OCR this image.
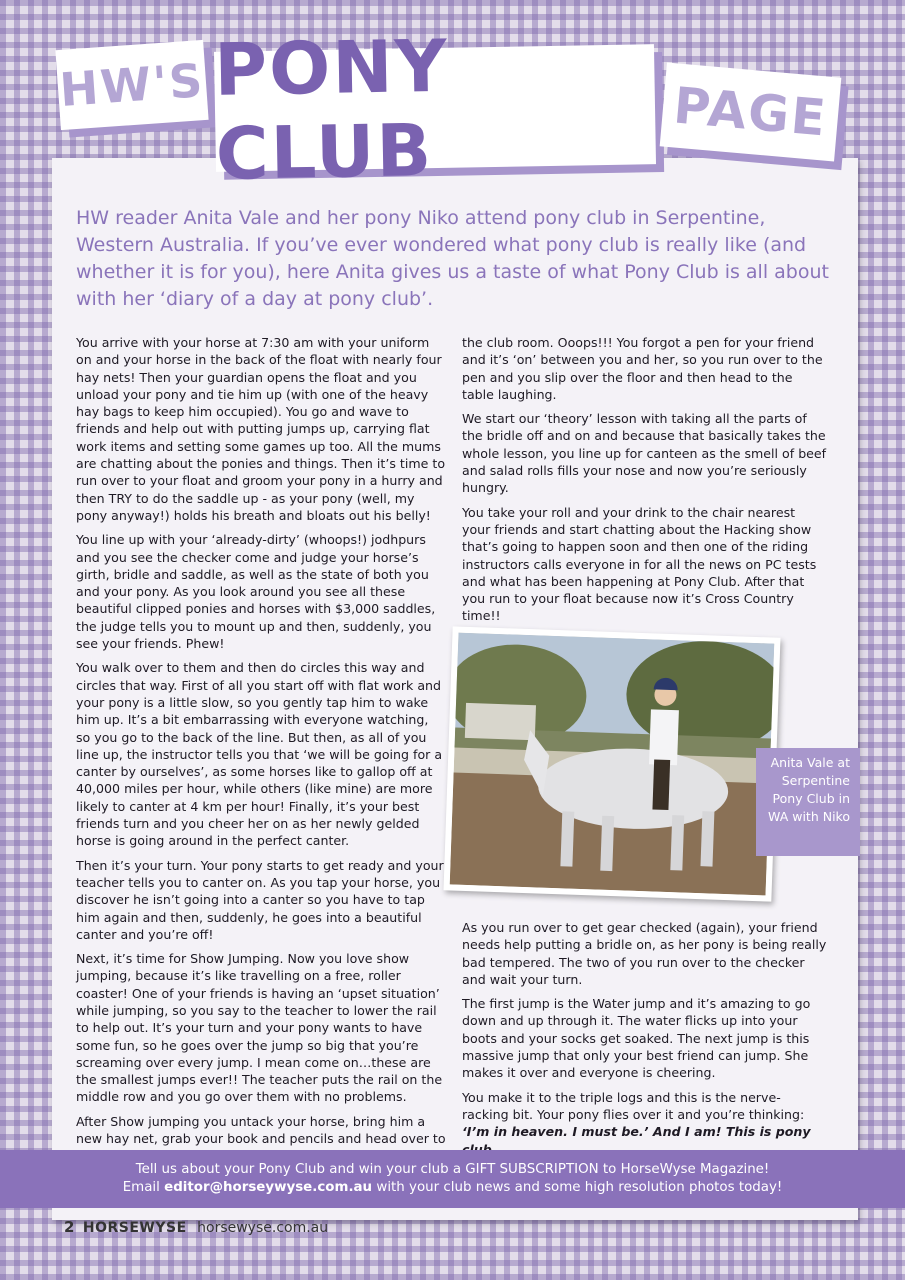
HW'S PONY CLUB	PAGE

HW reader Anita Vale and her pony Niko attend pony club in Serpentine, Western Australia. If you’ve ever wondered what pony club is really like (and whether it is for you), here Anita gives us a taste of what Pony Club is all about with her ‘diary of a day at pony club’.

You arrive with your horse at 7:30 am with your uniform on and your horse in the back of the float with nearly four hay nets! Then your guardian opens the float and you unload your pony and tie him up (with one of the heavy hay bags to keep him occupied). You go and wave to friends and help out with putting jumps up, carrying flat work items and setting some games up too. All the mums are chatting about the ponies and things. Then it’s time to run over to your float and groom your pony in a hurry and then TRY to do the saddle up - as your pony (well, my pony anyway!) holds his breath and bloats out his belly!

You line up with your ‘already-dirty’ (whoops!) jodhpurs and you see the checker come and judge your horse’s girth, bridle and saddle, as well as the state of both you and your pony. As you look around you see all these beautiful clipped ponies and horses with $3,000 saddles, the judge tells you to mount up and then, suddenly, you see your friends. Phew!

You walk over to them and then do circles this way and circles that way. First of all you start off with flat work and your pony is a little slow, so you gently tap him to wake him up. It’s a bit embarrassing with everyone watching, so you go to the back of the line. But then, as all of you line up, the instructor tells you that ‘we will be going for a canter by ourselves’, as some horses like to gallop off at 40,000 miles per hour, while others (like mine) are more likely to canter at 4 km per hour! Finally, it’s your best friends turn and you cheer her on as her newly gelded horse is going around in the perfect canter.

Then it’s your turn. Your pony starts to get ready and your teacher tells you to canter on. As you tap your horse, you discover he isn’t going into a canter so you have to tap him again and then, suddenly, he goes into a beautiful canter and you’re off!

Next, it’s time for Show Jumping. Now you love show jumping, because it’s like travelling on a free, roller coaster! One of your friends is having an ‘upset situation’ while jumping, so you say to the teacher to lower the rail to help out. It’s your turn and your pony wants to have some fun, so he goes over the jump so big that you’re screaming over every jump. I mean come on…these are the smallest jumps ever!! The teacher puts the rail on the middle row and you go over them with no problems.

After Show jumping you untack your horse, bring him a new hay net, grab your book and pencils and head over to

the club room. Ooops!!! You forgot a pen for your friend and it’s ‘on’ between you and her, so you run over to the pen and you slip over the floor and then head to the table laughing.

We start our ‘theory’ lesson with taking all the parts of the bridle off and on and because that basically takes the whole lesson, you line up for canteen as the smell of beef and salad rolls fills your nose and now you’re seriously hungry.

You take your roll and your drink to the chair nearest your friends and start chatting about the Hacking show that’s going to happen soon and then one of the riding instructors calls everyone in for all the news on PC tests and what has been happening at Pony Club. After that you run to your float because now it’s Cross Country time!!

Anita Vale at Serpentine Pony Club in WA with Niko

As you run over to get gear checked (again), your friend needs help putting a bridle on, as her pony is being really bad tempered. The two of you run over to the checker and wait your turn.

The first jump is the Water jump and it’s amazing to go down and up through it. The water flicks up into your boots and your socks get soaked. The next jump is this massive jump that only your best friend can jump. She makes it over and everyone is cheering.

You make it to the triple logs and this is the nerve-racking bit. Your pony flies over it and you’re thinking: ‘I’m in heaven. I must be.’ And I am! This is pony

Tell us about your Pony Club and win your club a GIFT SUBSCRIPTION to HorseWyse Magazine!
Email editor@horseywyse.com.au with your club news and some high resolution photos today!
2 HORSEWYSE horsewyse.com.au
